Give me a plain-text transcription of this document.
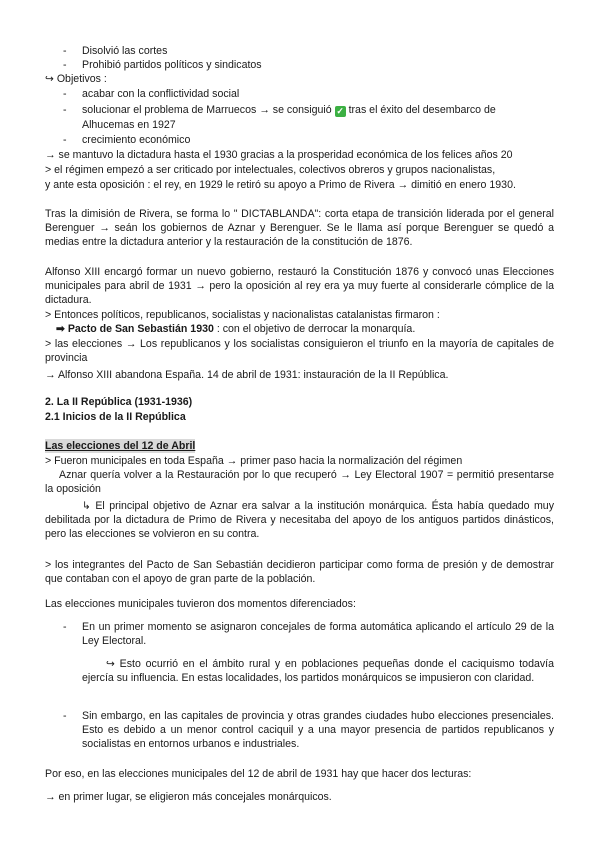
- Disolvió las cortes
- Prohibió partidos políticos y sindicatos
↪ Objetivos :
- acabar con la conflictividad social
- solucionar el problema de Marruecos → se consiguió ✓ tras el éxito del desembarco de
Alhucemas en 1927
- crecimiento económico
→ se mantuvo la dictadura hasta el 1930 gracias a la prosperidad económica de los felices años 20
> el régimen empezó a ser criticado por intelectuales, colectivos obreros y grupos nacionalistas,
y ante esta oposición : el rey, en 1929 le retiró su apoyo a Primo de Rivera → dimitió en enero 1930.
Tras la dimisión de Rivera, se forma lo " DICTABLANDA": corta etapa de transición liderada por el general Berenguer → seán los gobiernos de Aznar y Berenguer. Se le llama así porque Berenguer se quedó a medias entre la dictadura anterior y la restauración de la constitución de 1876.
Alfonso XIII encargó formar un nuevo gobierno, restauró la Constitución 1876 y convocó unas Elecciones municipales para abril de 1931 → pero la oposición al rey era ya muy fuerte al considerarle cómplice de la dictadura.
> Entonces políticos, republicanos, socialistas y nacionalistas catalanistas firmaron :
➡ Pacto de San Sebastián 1930 : con el objetivo de derrocar la monarquía.
> las elecciones → Los republicanos y los socialistas consiguieron el triunfo en la mayoría de capitales de provincia
→ Alfonso XIII abandona España. 14 de abril de 1931: instauración de la II República.
2. La II República (1931-1936)
2.1 Inicios de la II República
Las elecciones del 12 de Abril
> Fueron municipales en toda España → primer paso hacia la normalización del régimen
Aznar quería volver a la Restauración por lo que recuperó → Ley Electoral 1907 = permitió presentarse la oposición
↳ El principal objetivo de Aznar era salvar a la institución monárquica. Ésta había quedado muy debilitada por la dictadura de Primo de Rivera y necesitaba del apoyo de los antiguos partidos dinásticos, pero las elecciones se volvieron en su contra.
> los integrantes del Pacto de San Sebastián decidieron participar como forma de presión y de demostrar que contaban con el apoyo de gran parte de la población.
Las elecciones municipales tuvieron dos momentos diferenciados:
- En un primer momento se asignaron concejales de forma automática aplicando el artículo 29 de la Ley Electoral.
↪ Esto ocurrió en el ámbito rural y en poblaciones pequeñas donde el caciquismo todavía ejercía su influencia. En estas localidades, los partidos monárquicos se impusieron con claridad.
- Sin embargo, en las capitales de provincia y otras grandes ciudades hubo elecciones presenciales. Esto es debido a un menor control caciquil y a una mayor presencia de partidos republicanos y socialistas en entornos urbanos e industriales.
Por eso, en las elecciones municipales del 12 de abril de 1931 hay que hacer dos lecturas:
→ en primer lugar, se eligieron más concejales monárquicos.
